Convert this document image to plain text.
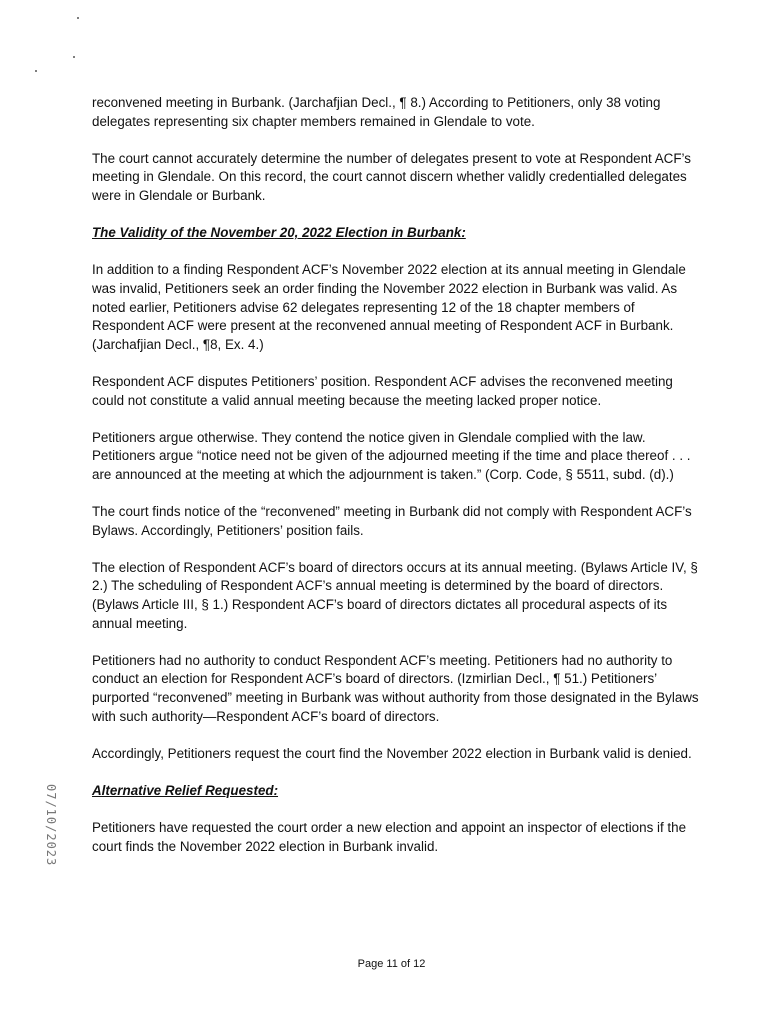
reconvened meeting in Burbank. (Jarchafjian Decl., ¶ 8.) According to Petitioners, only 38 voting delegates representing six chapter members remained in Glendale to vote.

The court cannot accurately determine the number of delegates present to vote at Respondent ACF’s meeting in Glendale. On this record, the court cannot discern whether validly credentialled delegates were in Glendale or Burbank.

The Validity of the November 20, 2022 Election in Burbank:

In addition to a finding Respondent ACF’s November 2022 election at its annual meeting in Glendale was invalid, Petitioners seek an order finding the November 2022 election in Burbank was valid. As noted earlier, Petitioners advise 62 delegates representing 12 of the 18 chapter members of Respondent ACF were present at the reconvened annual meeting of Respondent ACF in Burbank. (Jarchafjian Decl., ¶8, Ex. 4.)

Respondent ACF disputes Petitioners’ position. Respondent ACF advises the reconvened meeting could not constitute a valid annual meeting because the meeting lacked proper notice.

Petitioners argue otherwise. They contend the notice given in Glendale complied with the law. Petitioners argue “notice need not be given of the adjourned meeting if the time and place thereof . . . are announced at the meeting at which the adjournment is taken.” (Corp. Code, § 5511, subd. (d).)

The court finds notice of the “reconvened” meeting in Burbank did not comply with Respondent ACF’s Bylaws. Accordingly, Petitioners’ position fails.

The election of Respondent ACF’s board of directors occurs at its annual meeting. (Bylaws Article IV, § 2.) The scheduling of Respondent ACF’s annual meeting is determined by the board of directors. (Bylaws Article III, § 1.) Respondent ACF’s board of directors dictates all procedural aspects of its annual meeting.

Petitioners had no authority to conduct Respondent ACF’s meeting. Petitioners had no authority to conduct an election for Respondent ACF’s board of directors. (Izmirlian Decl., ¶ 51.) Petitioners’ purported “reconvened” meeting in Burbank was without authority from those designated in the Bylaws with such authority—Respondent ACF’s board of directors.

Accordingly, Petitioners request the court find the November 2022 election in Burbank valid is denied.

Alternative Relief Requested:

Petitioners have requested the court order a new election and appoint an inspector of elections if the court finds the November 2022 election in Burbank invalid.

07/10/2023
Page 11 of 12
